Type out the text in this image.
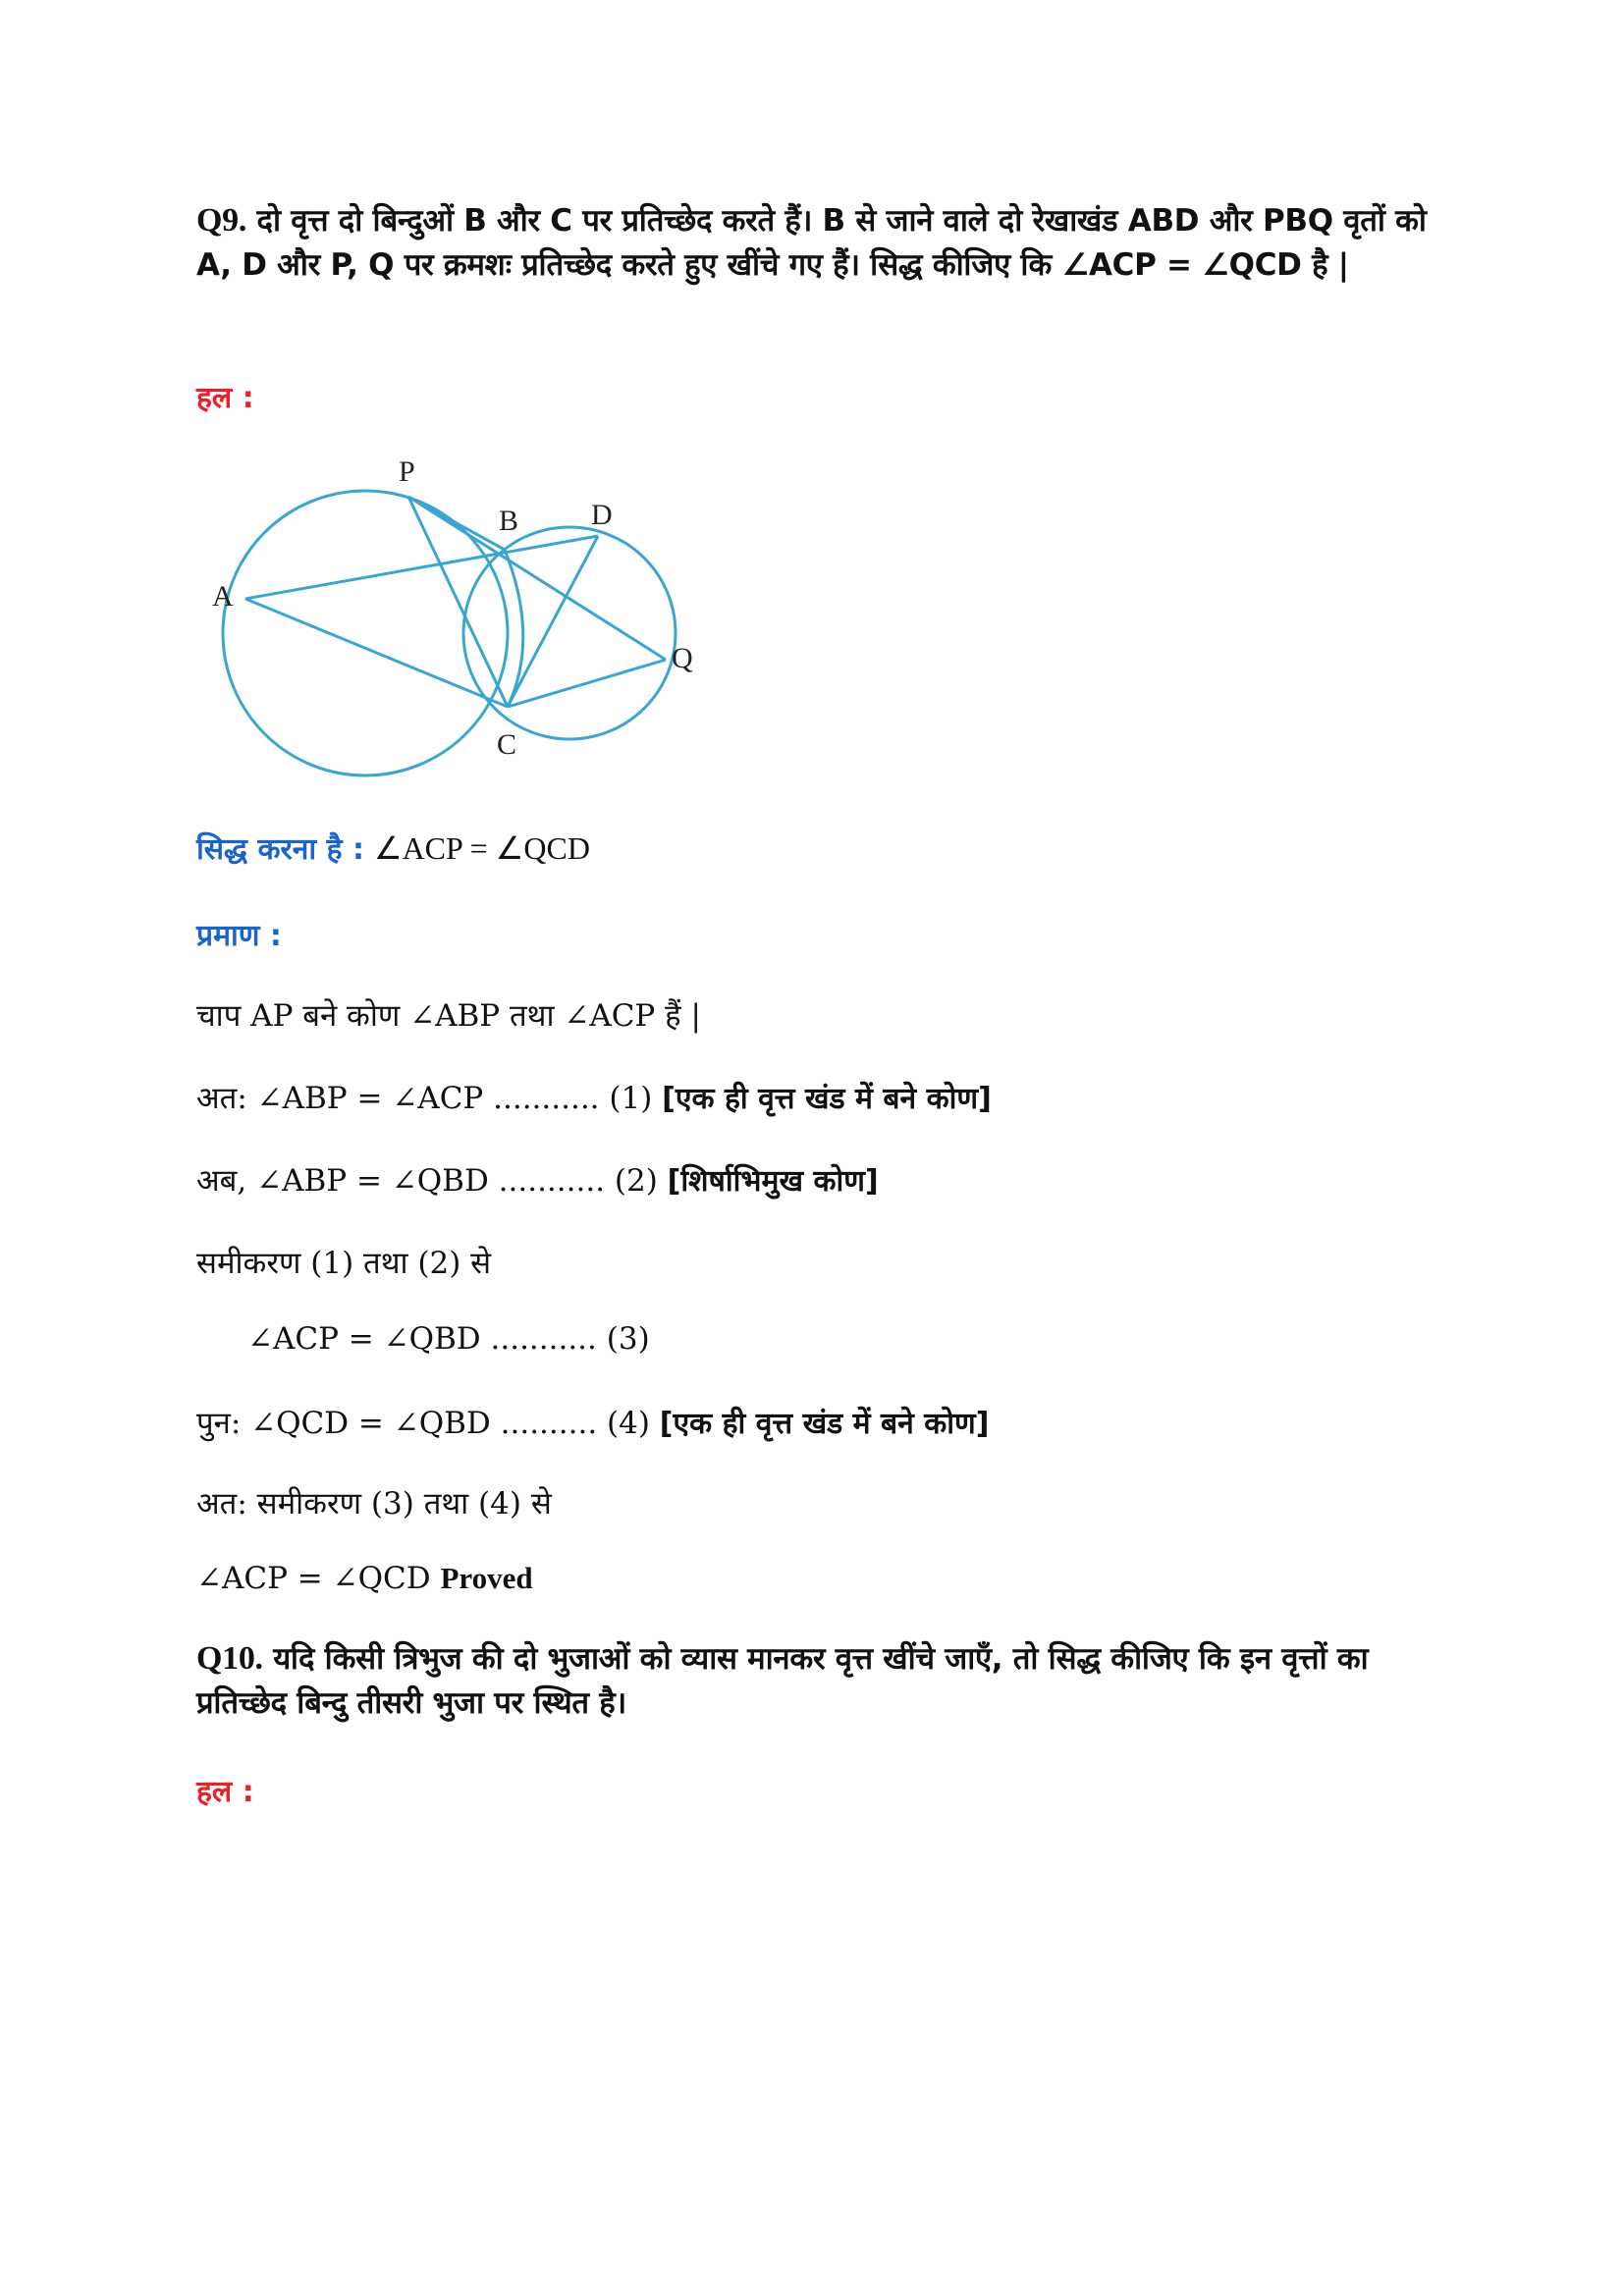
Q9. दो वृत्त दो बिन्दुओं B और C पर प्रतिच्छेद करते हैं। B से जाने वाले दो रेखाखंड ABD और PBQ वृतों को A, D और P, Q पर क्रमशः प्रतिच्छेद करते हुए खींचे गए हैं। सिद्ध कीजिए कि ∠ACP = ∠QCD है |
हल :
P
B D
A
Q
C
सिद्ध करना है : ∠ACP = ∠QCD
प्रमाण :
चाप AP बने कोण ∠ABP तथा ∠ACP हैं |
अत: ∠ABP = ∠ACP ........... (1) [एक ही वृत्त खंड में बने कोण]
अब, ∠ABP = ∠QBD ........... (2) [शिर्षाभिमुख कोण]
समीकरण (1) तथा (2) से
∠ACP = ∠QBD ........... (3)
पुन: ∠QCD = ∠QBD .......... (4) [एक ही वृत्त खंड में बने कोण]
अत: समीकरण (3) तथा (4) से
∠ACP = ∠QCD Proved
Q10. यदि किसी त्रिभुज की दो भुजाओं को व्यास मानकर वृत्त खींचे जाएँ, तो सिद्ध कीजिए कि इन वृत्तों का प्रतिच्छेद बिन्दु तीसरी भुजा पर स्थित है।
हल :
